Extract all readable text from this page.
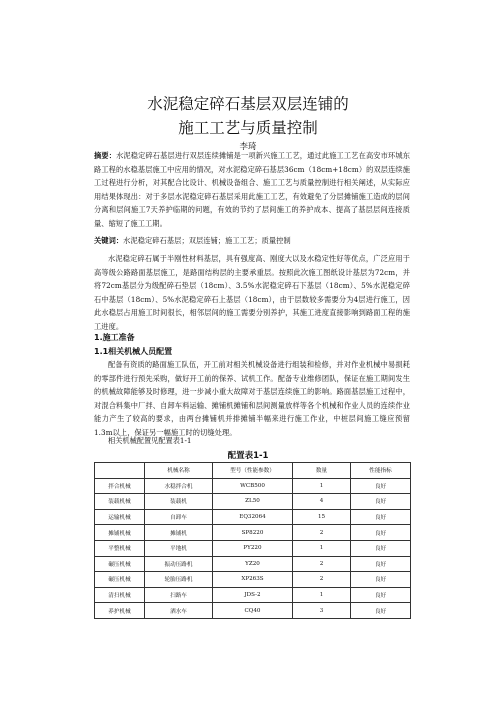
水泥稳定碎石基层双层连铺的
施工工艺与质量控制
李琦
摘要：水泥稳定碎石基层进行双层连续摊铺是一项新兴施工工艺，通过此施工工艺在高安市环城东路工程的水稳基层施工中应用的情况，对水泥稳定碎石基层36cm（18cm+18cm）的双层连续施工过程进行分析，对其配合比设计、机械设备组合、施工工艺与质量控制进行相关阐述，从实际应用结果体现出：对于多层水泥稳定碎石基层采用此施工工艺，有效避免了分层摊铺施工造成的层间分离和层间施工7天养护临期的问题，有效的节约了层间施工的养护成本、提高了基层层间连接质量、缩短了施工工期。
关键词：水泥稳定碎石基层；双层连铺；施工工艺；质量控制
水泥稳定碎石属于半刚性材料基层，具有强度高、刚度大以及水稳定性好等优点，广泛应用于高等级公路路面基层施工，是路面结构层的主要承重层。按照此次施工图纸设计基层为72cm，并将72cm基层分为级配碎石垫层（18cm）、3.5%水泥稳定碎石下基层（18cm）、5%水泥稳定碎石中基层（18cm）、5%水泥稳定碎石上基层（18cm），由于层数较多需要分为4层进行施工，因此水稳层占用施工时间很长，相邻层间的施工需要分别养护，其施工进度直接影响到路面工程的施工进度。
1.施工准备
1.1相关机械人员配置
配备有资质的路面施工队伍，开工前对相关机械设备进行组装和检修，并对作业机械中易损耗的零部件进行预先采购，做好开工前的保养、试机工作。配备专业维修团队，保证在施工期间发生的机械故障能够及时修理，进一步减小重大故障对于基层连续施工的影响。路面基层施工过程中，对混合料集中厂拌、自卸车料运输、摊铺机摊铺和层间测量放样等各个机械和作业人员的连续作业能力产生了较高的要求，由两台摊铺机并排摊铺半幅来进行施工作业，中桩层间施工缝应预留1.3m以上，保证另一幅施工时的切缝处理。
相关机械配置见配置表1-1
配置表1-1
	机械名称	型号（性能参数）	数量	性能指标
拌合机械	水稳拌合机	WCB500	1	良好
装载机械	装载机	ZL50	4	良好
运输机械	自卸车	EQ32064	15	良好
摊铺机械	摊铺机	SP8220	2	良好
平整机械	平地机	PY220	1	良好
碾压机械	振动压路机	YZ20	2	良好
碾压机械	轮胎压路机	XP263S	2	良好
清扫机械	扫路车	JDS-2	1	良好
养护机械	洒水车	CQ40	3	良好
